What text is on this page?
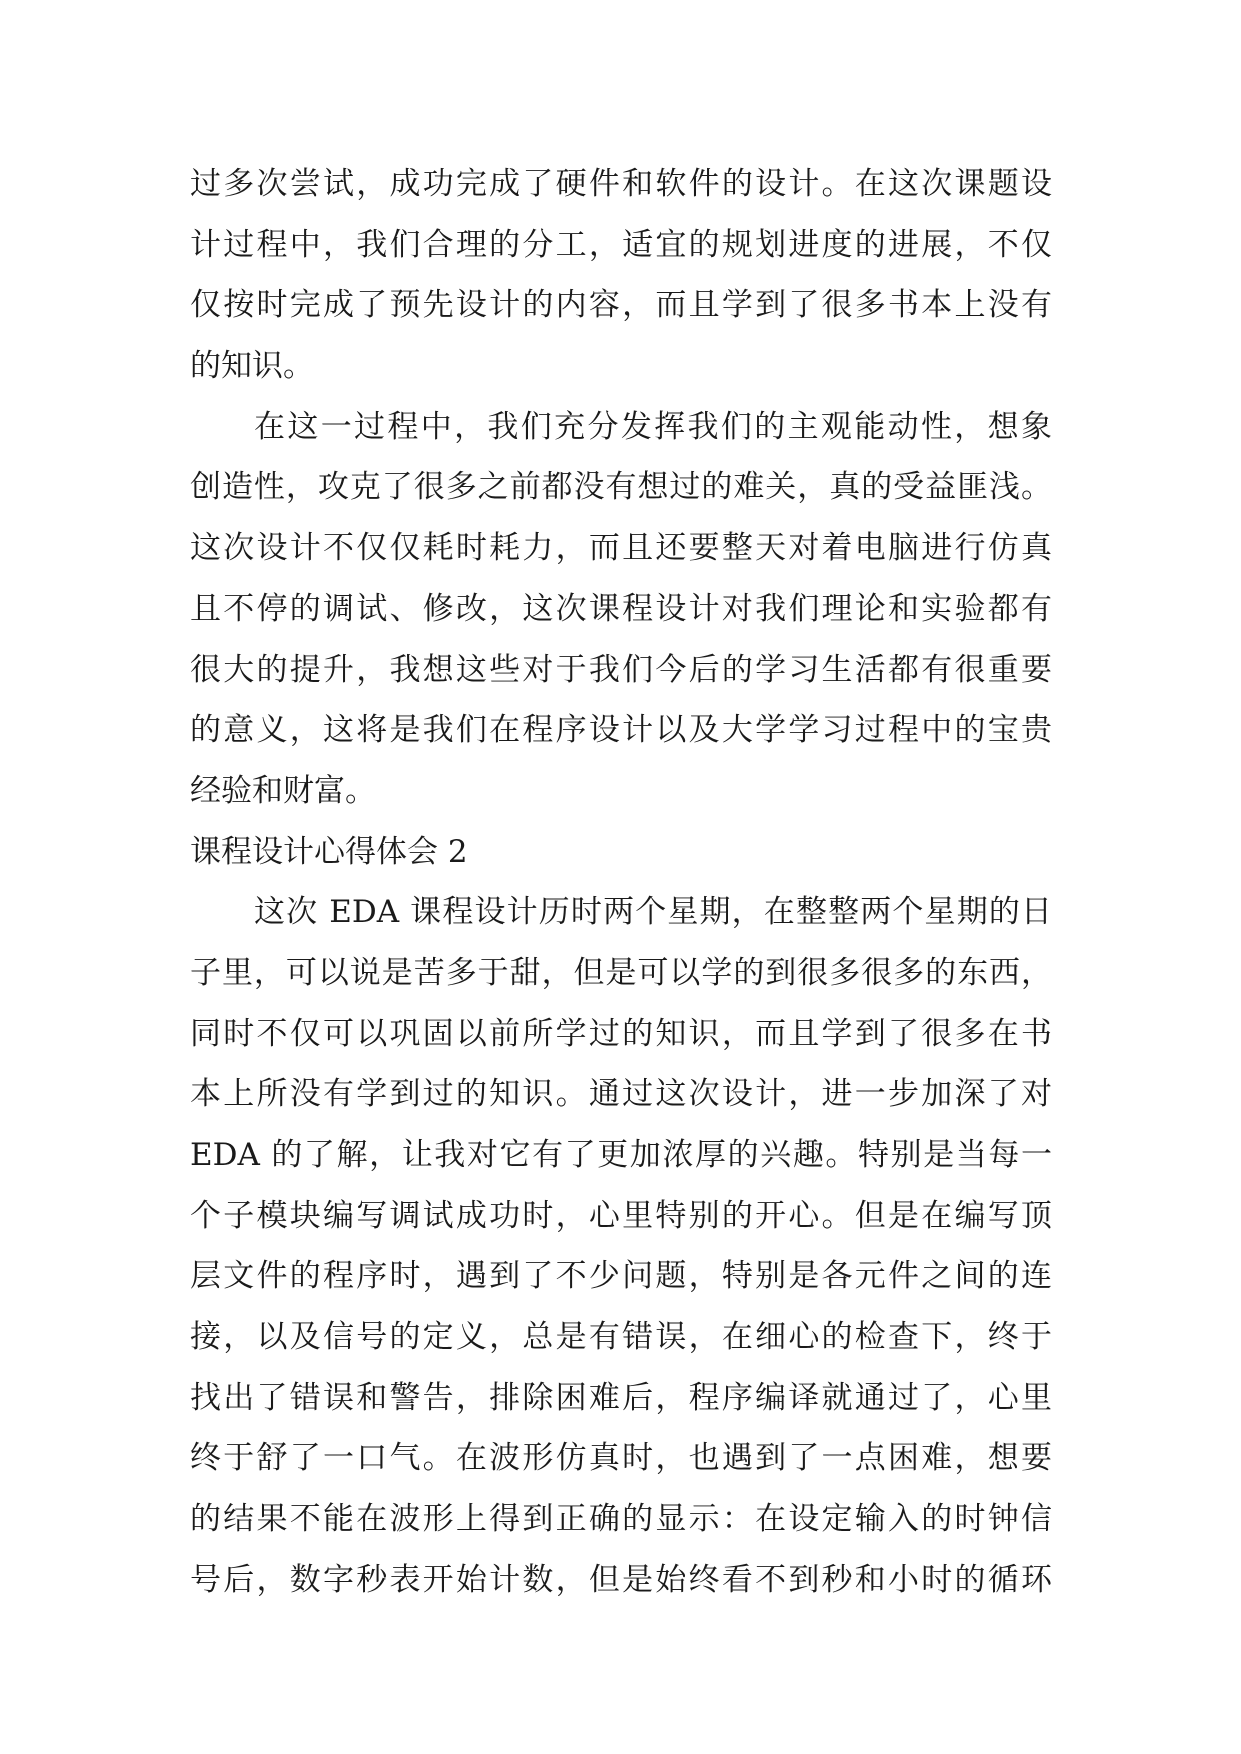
过多次尝试，成功完成了硬件和软件的设计。在这次课题设
计过程中，我们合理的分工，适宜的规划进度的进展，不仅
仅按时完成了预先设计的内容，而且学到了很多书本上没有
的知识。
在这一过程中，我们充分发挥我们的主观能动性，想象
创造性，攻克了很多之前都没有想过的难关，真的受益匪浅。
这次设计不仅仅耗时耗力，而且还要整天对着电脑进行仿真
且不停的调试、修改，这次课程设计对我们理论和实验都有
很大的提升，我想这些对于我们今后的学习生活都有很重要
的意义，这将是我们在程序设计以及大学学习过程中的宝贵
经验和财富。
课程设计心得体会 2
这次 EDA 课程设计历时两个星期，在整整两个星期的日
子里，可以说是苦多于甜，但是可以学的到很多很多的东西，
同时不仅可以巩固以前所学过的知识，而且学到了很多在书
本上所没有学到过的知识。通过这次设计，进一步加深了对
EDA 的了解，让我对它有了更加浓厚的兴趣。特别是当每一
个子模块编写调试成功时，心里特别的开心。但是在编写顶
层文件的程序时，遇到了不少问题，特别是各元件之间的连
接，以及信号的定义，总是有错误，在细心的检查下，终于
找出了错误和警告，排除困难后，程序编译就通过了，心里
终于舒了一口气。在波形仿真时，也遇到了一点困难，想要
的结果不能在波形上得到正确的显示：在设定输入的时钟信
号后，数字秒表开始计数，但是始终看不到秒和小时的循环
